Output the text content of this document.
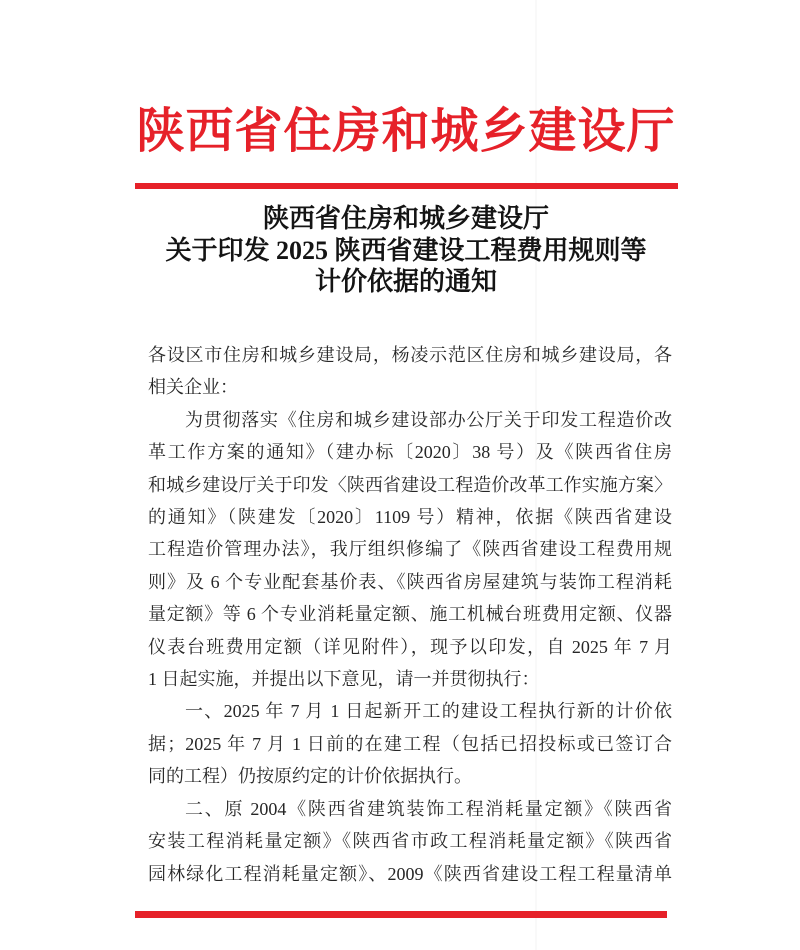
陕西省住房和城乡建设厅
陕西省住房和城乡建设厅
关于印发 2025 陕西省建设工程费用规则等
计价依据的通知
各设区市住房和城乡建设局，杨凌示范区住房和城乡建设局，各
相关企业：
为贯彻落实《住房和城乡建设部办公厅关于印发工程造价改
革工作方案的通知》（建办标〔2020〕38 号）及《陕西省住房
和城乡建设厅关于印发〈陕西省建设工程造价改革工作实施方案〉
的通知》（陕建发〔2020〕1109 号）精神，依据《陕西省建设
工程造价管理办法》，我厅组织修编了《陕西省建设工程费用规
则》及 6 个专业配套基价表、《陕西省房屋建筑与装饰工程消耗
量定额》等 6 个专业消耗量定额、施工机械台班费用定额、仪器
仪表台班费用定额（详见附件），现予以印发，自 2025 年 7 月
1 日起实施，并提出以下意见，请一并贯彻执行：
一、2025 年 7 月 1 日起新开工的建设工程执行新的计价依
据；2025 年 7 月 1 日前的在建工程（包括已招投标或已签订合
同的工程）仍按原约定的计价依据执行。
二、原 2004《陕西省建筑装饰工程消耗量定额》《陕西省
安装工程消耗量定额》《陕西省市政工程消耗量定额》《陕西省
园林绿化工程消耗量定额》、2009《陕西省建设工程工程量清单
